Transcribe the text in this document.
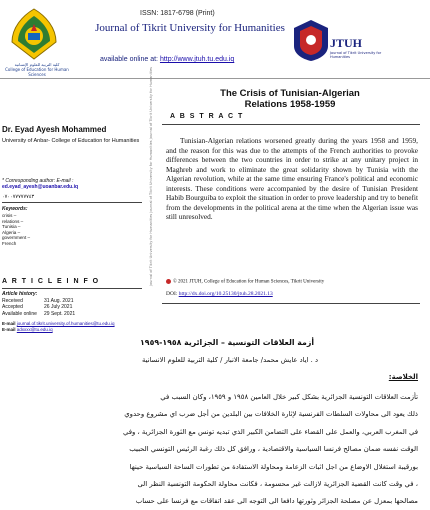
كلية التربية للعلوم الإنسانية
College of Education for Human Sciences
ISSN: 1817-6798 (Print)
Journal of Tikrit University for Humanities
available online at: http://www.jtuh.tu.edu.iq
JTUH
Journal of Tikrit University for Humanities
The Crisis of Tunisian-Algerian
Relations 1958-1959
A B S T R A C T
Journal of Tikrit University for Humanities Journal of Tikrit University for Humanities Journal of Tikrit University for Humanities
Dr. Eyad Ayesh Mohammed
University of Anbar- College of Education for Humanities
* Corresponding author: E-mail :
ed.eyad_ayesh@uoanbar.edu.iq
٠٧٠٠٧٧٧٧٧٧٤٣
Keywords:
crisis –
relations –
Tunisia –
Algeria –
government –
French
A R T I C L E I N F O
Article history:
Received	31 Aug. 2021
Accepted	26 July 2021
Available online	29 Sept. 2021
E-mail journal.of.tikrit.university.of.humanities@tu.edu.iq
E-mail adxxxx@tu.edu.iq
Tunisian-Algerian relations worsened greatly during the years 1958 and 1959, and the reason for this was due to the attempts of the French authorities to provoke differences between the two countries in order to strike at any unitary project in Maghreb and work to eliminate the great solidarity shown by Tunisia with the Algerian revolution, while at the same time ensuring France's political and economic interests. These conditions were accompanied by the desire of Tunisian President Habib Bourguiba to exploit the situation in order to prove leadership and try to benefit from the developments in the political arena at the time when the Algerian issue was still unresolved.
© 2021 JTUH, College of Education for Human Sciences, Tikrit University
DOI: http://dx.doi.org/10.25130/jtuh.28.2021.13
أزمة العلاقات التونسية – الجزائرية ١٩٥٨-١٩٥٩
د . اياد عايش محمد/ جامعة الانبار / كلية التربية للعلوم الانسانية
الخلاصة:
تأزمت العلاقات التونسية الجزائرية بشكل كبير خلال العامين ١٩٥٨ و ١٩٥٩، وكان السبب في
ذلك يعود الى محاولات السلطات الفرنسية لإثارة الخلافات بين البلدين من أجل ضرب اي مشروع وحدوي
في المغرب العربي، والعمل على القضاء على التضامن الكبير الذي تبديه تونس مع الثورة الجزائرية ، وفي
الوقت نفسه ضمان مصالح فرنسا السياسية والاقتصادية ، ورافق كل ذلك رغبة الرئيس التونسي الحبيب
بورقيبة استغلال الاوضاع من اجل اثبات الزعامة ومحاولة الاستفادة من تطورات الساحة السياسية حينها
، في وقت كانت القضية الجزائرية لازالت غير محسومة ، فكانت محاولة الحكومة التونسية النظر الى
مصالحها بمعزل عن مصلحة الجزائر وثورتها دافعا الى التوجه الى عقد اتفاقات مع فرنسا على حساب
